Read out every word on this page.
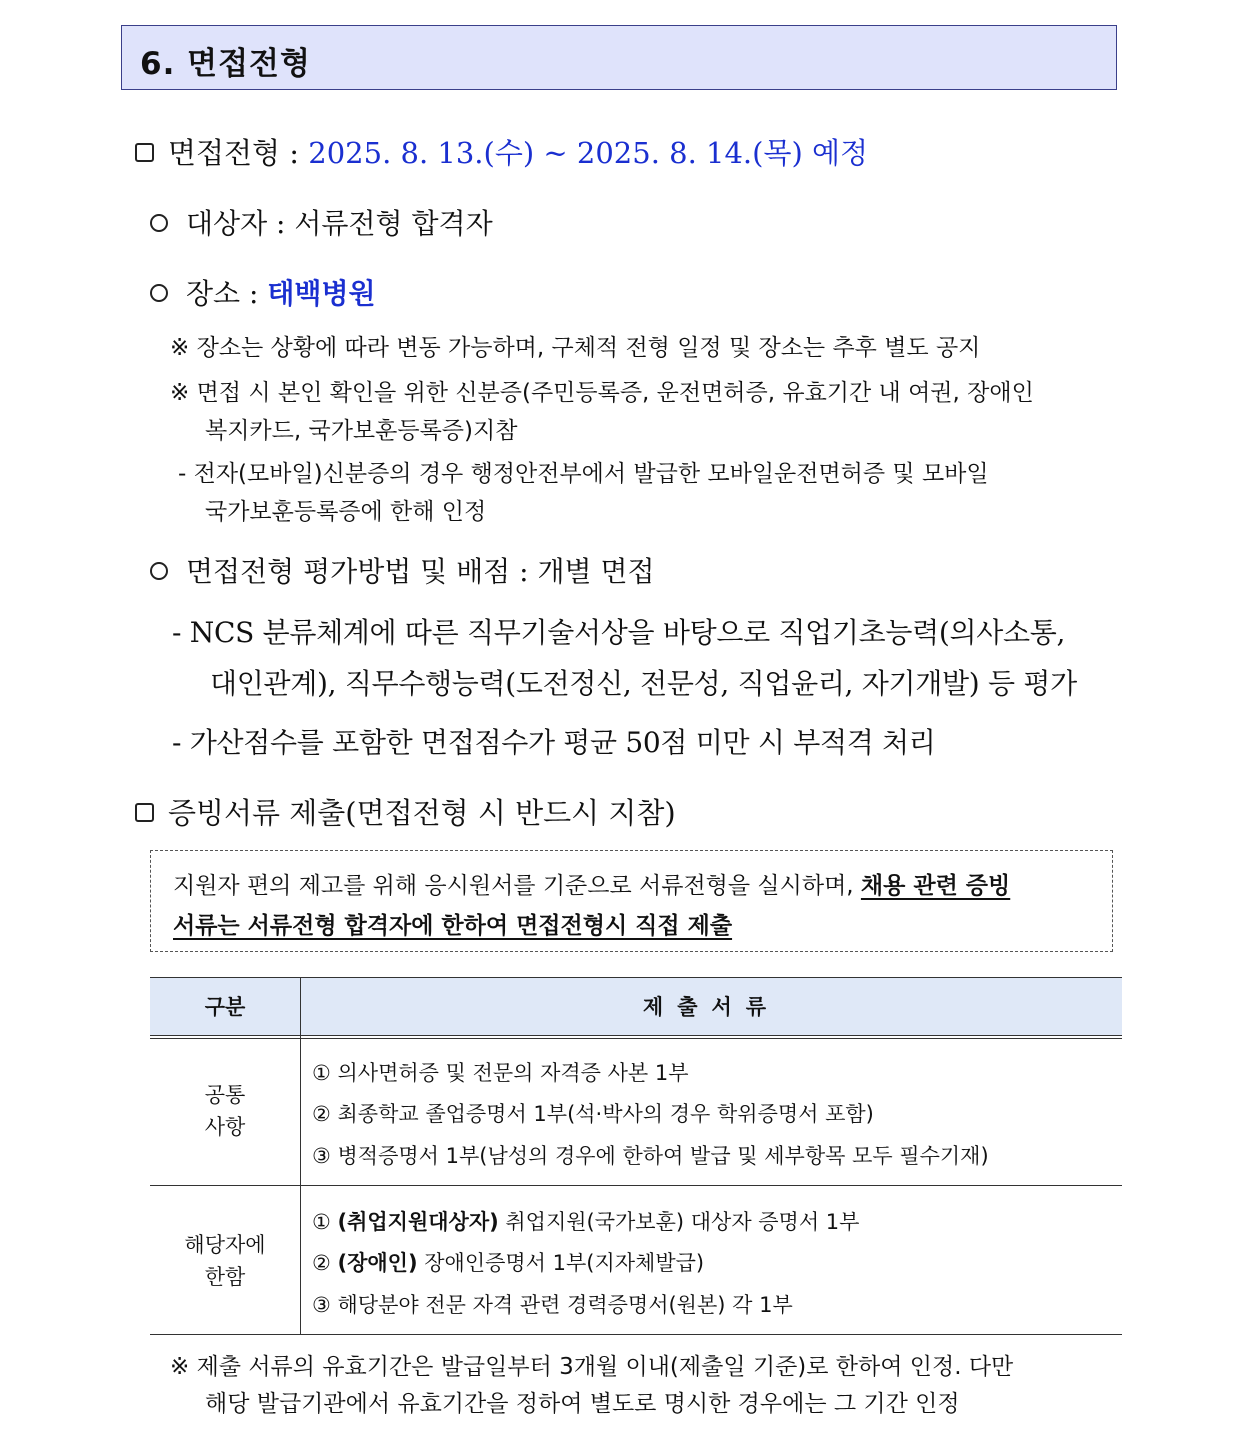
6. 면접전형
면접전형 : 2025. 8. 13.(수) ~ 2025. 8. 14.(목) 예정
대상자 : 서류전형 합격자
장소 : 태백병원
※ 장소는 상황에 따라 변동 가능하며, 구체적 전형 일정 및 장소는 추후 별도 공지
※ 면접 시 본인 확인을 위한 신분증(주민등록증, 운전면허증, 유효기간 내 여권, 장애인
복지카드, 국가보훈등록증)지참
- 전자(모바일)신분증의 경우 행정안전부에서 발급한 모바일운전면허증 및 모바일
국가보훈등록증에 한해 인정
면접전형 평가방법 및 배점 : 개별 면접
- NCS 분류체계에 따른 직무기술서상을 바탕으로 직업기초능력(의사소통,
대인관계), 직무수행능력(도전정신, 전문성, 직업윤리, 자기개발) 등 평가
- 가산점수를 포함한 면접점수가 평균 50점 미만 시 부적격 처리
증빙서류 제출(면접전형 시 반드시 지참)
지원자 편의 제고를 위해 응시원서를 기준으로 서류전형을 실시하며, 채용 관련 증빙
서류는 서류전형 합격자에 한하여 면접전형시 직접 제출
구분	제출서류
공통
사항
① 의사면허증 및 전문의 자격증 사본 1부
② 최종학교 졸업증명서 1부(석·박사의 경우 학위증명서 포함)
③ 병적증명서 1부(남성의 경우에 한하여 발급 및 세부항목 모두 필수기재)
해당자에
한함
① (취업지원대상자) 취업지원(국가보훈) 대상자 증명서 1부
② (장애인) 장애인증명서 1부(지자체발급)
③ 해당분야 전문 자격 관련 경력증명서(원본) 각 1부
※ 제출 서류의 유효기간은 발급일부터 3개월 이내(제출일 기준)로 한하여 인정. 다만
해당 발급기관에서 유효기간을 정하여 별도로 명시한 경우에는 그 기간 인정
